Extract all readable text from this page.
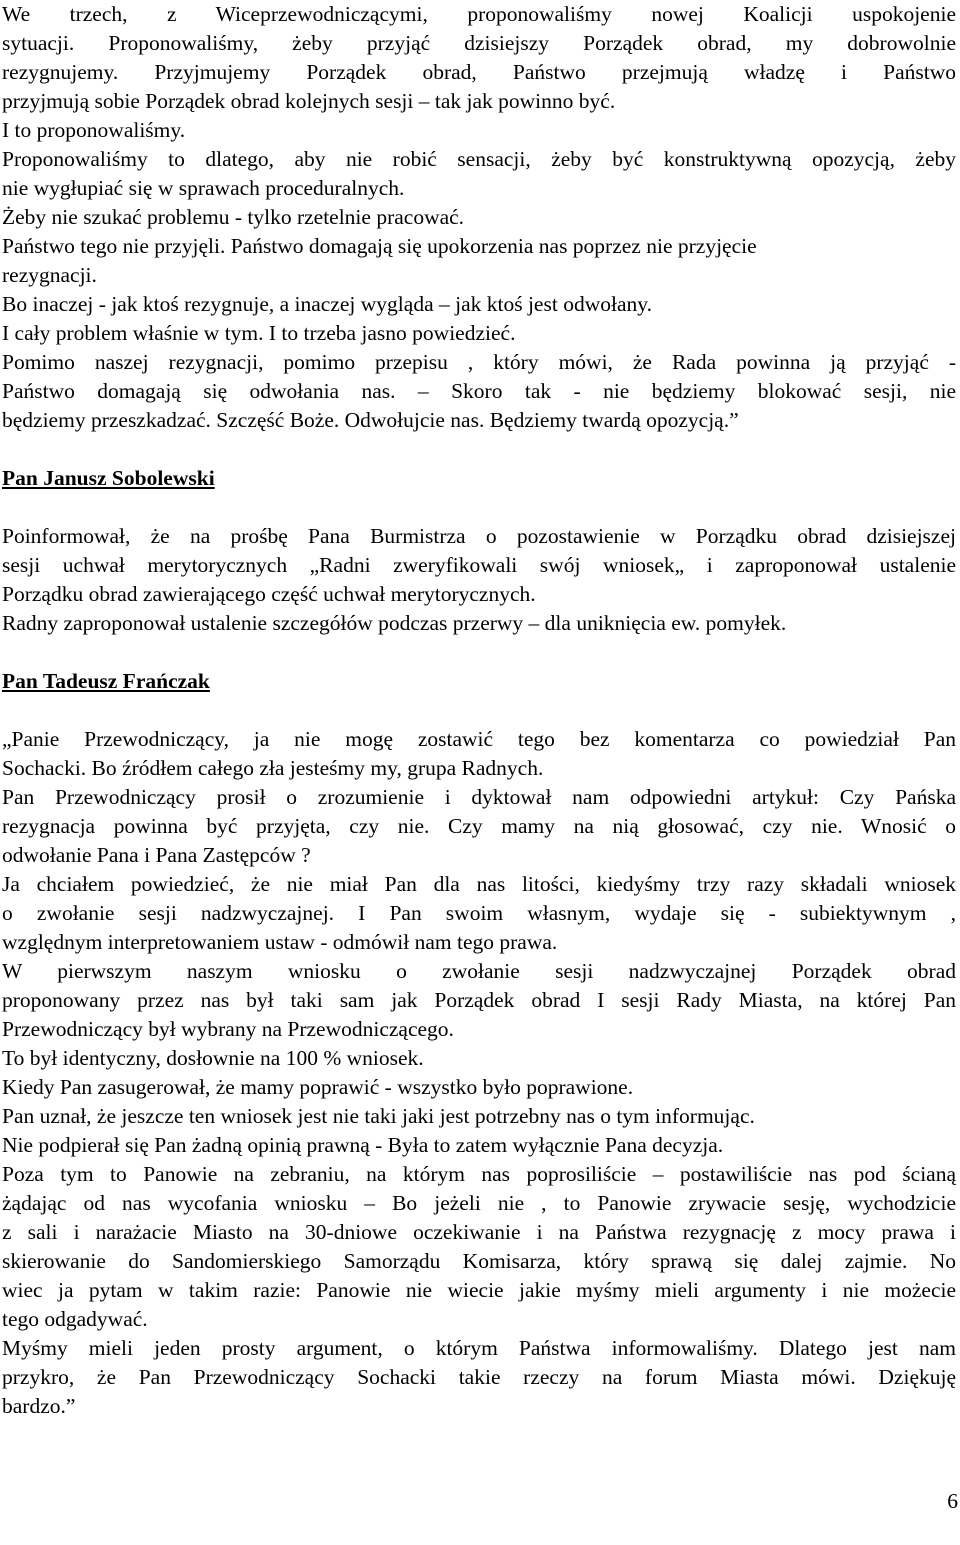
We trzech, z Wiceprzewodniczącymi, proponowaliśmy nowej Koalicji uspokojenie
sytuacji. Proponowaliśmy, żeby przyjąć dzisiejszy Porządek obrad, my dobrowolnie
rezygnujemy. Przyjmujemy Porządek obrad, Państwo przejmują władzę i Państwo
przyjmują sobie Porządek obrad kolejnych sesji – tak jak powinno być.
I to proponowaliśmy.
Proponowaliśmy to dlatego, aby nie robić sensacji, żeby być konstruktywną opozycją, żeby
nie wygłupiać się w sprawach proceduralnych.
Żeby nie szukać problemu - tylko rzetelnie pracować.
Państwo tego nie przyjęli. Państwo domagają się upokorzenia nas poprzez nie przyjęcie
rezygnacji.
Bo inaczej - jak ktoś rezygnuje, a inaczej wygląda – jak ktoś jest odwołany.
I cały problem właśnie w tym. I to trzeba jasno powiedzieć.
Pomimo naszej rezygnacji, pomimo przepisu , który mówi, że Rada powinna ją przyjąć -
Państwo domagają się odwołania nas. – Skoro tak - nie będziemy blokować sesji, nie
będziemy przeszkadzać. Szczęść Boże. Odwołujcie nas. Będziemy twardą opozycją.”
Pan Janusz Sobolewski
Poinformował, że na prośbę Pana Burmistrza o pozostawienie w Porządku obrad dzisiejszej
sesji uchwał merytorycznych „Radni zweryfikowali swój wniosek„ i zaproponował ustalenie
Porządku obrad zawierającego część uchwał merytorycznych.
Radny zaproponował ustalenie szczegółów podczas przerwy – dla uniknięcia ew. pomyłek.
Pan Tadeusz Frańczak
„Panie Przewodniczący, ja nie mogę zostawić tego bez komentarza co powiedział Pan
Sochacki. Bo źródłem całego zła jesteśmy my, grupa Radnych.
Pan Przewodniczący prosił o zrozumienie i dyktował nam odpowiedni artykuł: Czy Pańska
rezygnacja powinna być przyjęta, czy nie. Czy mamy na nią głosować, czy nie. Wnosić o
odwołanie Pana i Pana Zastępców ?
Ja chciałem powiedzieć, że nie miał Pan dla nas litości, kiedyśmy trzy razy składali wniosek
o zwołanie sesji nadzwyczajnej. I Pan swoim własnym, wydaje się - subiektywnym ,
względnym interpretowaniem ustaw - odmówił nam tego prawa.
W pierwszym naszym wniosku o zwołanie sesji nadzwyczajnej Porządek obrad
proponowany przez nas był taki sam jak Porządek obrad I sesji Rady Miasta, na której Pan
Przewodniczący był wybrany na Przewodniczącego.
To był identyczny, dosłownie na 100 % wniosek.
Kiedy Pan zasugerował, że mamy poprawić - wszystko było poprawione.
Pan uznał, że jeszcze ten wniosek jest nie taki jaki jest potrzebny nas o tym informując.
Nie podpierał się Pan żadną opinią prawną - Była to zatem wyłącznie Pana decyzja.
Poza tym to Panowie na zebraniu, na którym nas poprosiliście – postawiliście nas pod ścianą
żądając od nas wycofania wniosku – Bo jeżeli nie , to Panowie zrywacie sesję, wychodzicie
z sali i narażacie Miasto na 30-dniowe oczekiwanie i na Państwa rezygnację z mocy prawa i
skierowanie do Sandomierskiego Samorządu Komisarza, który sprawą się dalej zajmie. No
wiec ja pytam w takim razie: Panowie nie wiecie jakie myśmy mieli argumenty i nie możecie
tego odgadywać.
Myśmy mieli jeden prosty argument, o którym Państwa informowaliśmy. Dlatego jest nam
przykro, że Pan Przewodniczący Sochacki takie rzeczy na forum Miasta mówi. Dziękuję
bardzo.”
6
